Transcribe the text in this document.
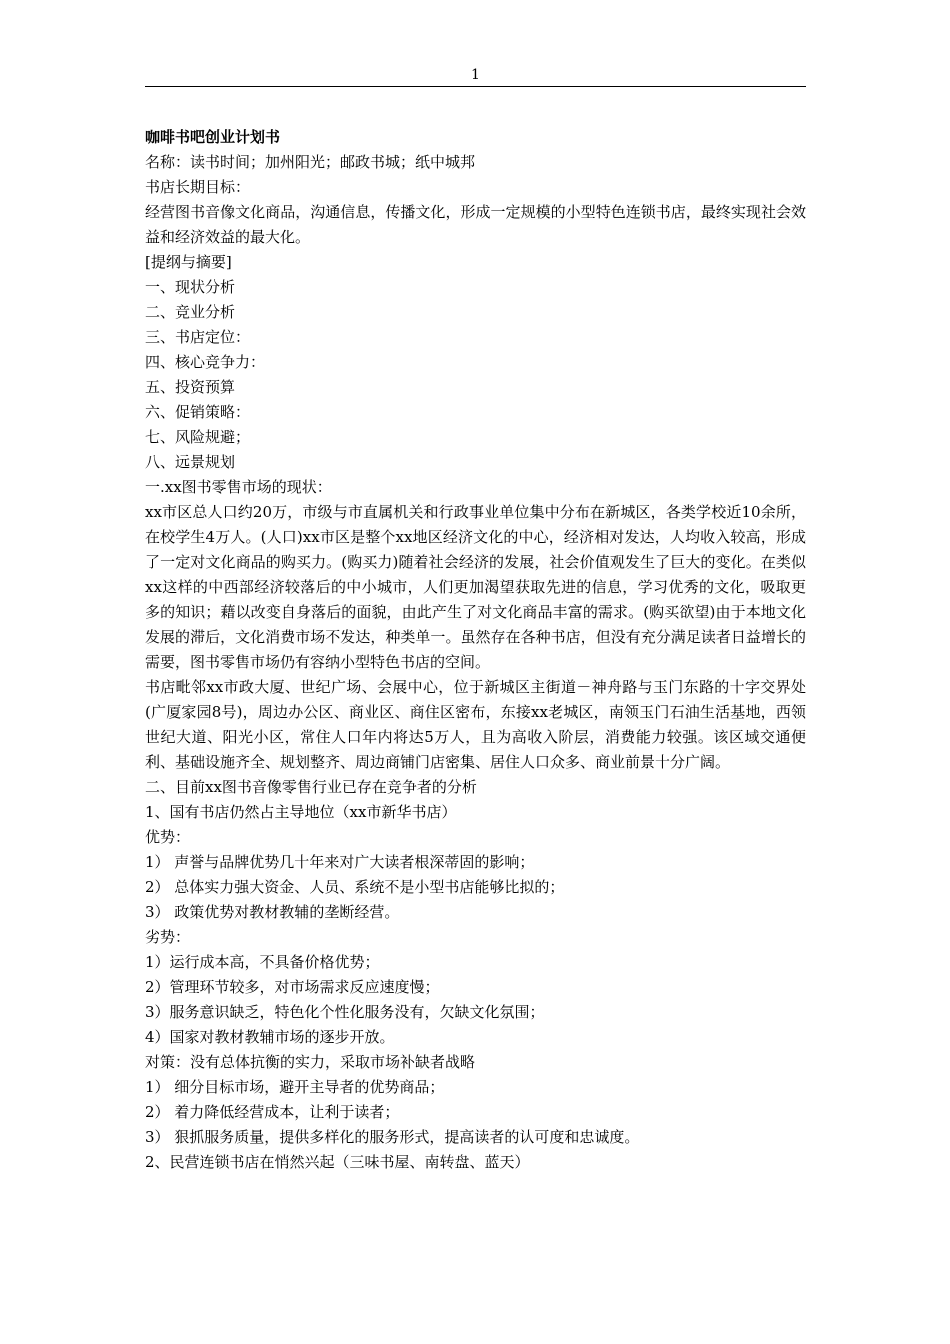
1

咖啡书吧创业计划书

名称：读书时间；加州阳光；邮政书城；纸中城邦

书店长期目标：

经营图书音像文化商品，沟通信息，传播文化，形成一定规模的小型特色连锁书店，最终实现社会效益和经济效益的最大化。

[提纲与摘要]

一、现状分析

二、竞业分析

三、书店定位：

四、核心竞争力：

五、投资预算

六、促销策略：

七、风险规避；

八、远景规划

一.xx图书零售市场的现状：

xx市区总人口约20万，市级与市直属机关和行政事业单位集中分布在新城区，各类学校近10余所，在校学生4万人。(人口)xx市区是整个xx地区经济文化的中心，经济相对发达，人均收入较高，形成了一定对文化商品的购买力。(购买力)随着社会经济的发展，社会价值观发生了巨大的变化。在类似xx这样的中西部经济较落后的中小城市，人们更加渴望获取先进的信息，学习优秀的文化，吸取更多的知识；藉以改变自身落后的面貌，由此产生了对文化商品丰富的需求。(购买欲望)由于本地文化发展的滞后，文化消费市场不发达，种类单一。虽然存在各种书店，但没有充分满足读者日益增长的需要，图书零售市场仍有容纳小型特色书店的空间。

书店毗邻xx市政大厦、世纪广场、会展中心，位于新城区主街道－神舟路与玉门东路的十字交界处(广厦家园8号)，周边办公区、商业区、商住区密布，东接xx老城区，南领玉门石油生活基地，西领世纪大道、阳光小区，常住人口年内将达5万人，且为高收入阶层，消费能力较强。该区域交通便利、基础设施齐全、规划整齐、周边商铺门店密集、居住人口众多、商业前景十分广阔。

二、目前xx图书音像零售行业已存在竞争者的分析

1、国有书店仍然占主导地位（xx市新华书店）

优势：

1） 声誉与品牌优势几十年来对广大读者根深蒂固的影响；

2） 总体实力强大资金、人员、系统不是小型书店能够比拟的；

3） 政策优势对教材教辅的垄断经营。

劣势：

1）运行成本高，不具备价格优势；

2）管理环节较多，对市场需求反应速度慢；

3）服务意识缺乏，特色化个性化服务没有，欠缺文化氛围；

4）国家对教材教辅市场的逐步开放。

对策：没有总体抗衡的实力，采取市场补缺者战略

1） 细分目标市场，避开主导者的优势商品；

2） 着力降低经营成本，让利于读者；

3） 狠抓服务质量，提供多样化的服务形式，提高读者的认可度和忠诚度。

2、民营连锁书店在悄然兴起（三味书屋、南转盘、蓝天）
